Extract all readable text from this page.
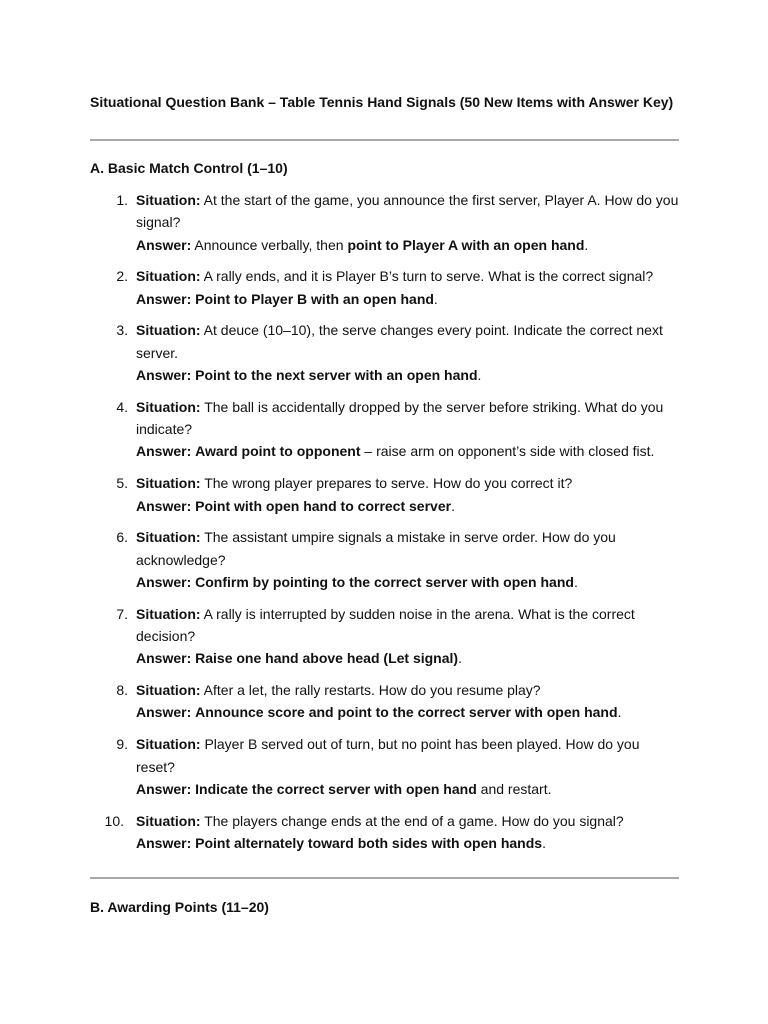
Situational Question Bank – Table Tennis Hand Signals (50 New Items with Answer Key)
A. Basic Match Control (1–10)
1. Situation: At the start of the game, you announce the first server, Player A. How do you signal?
Answer: Announce verbally, then point to Player A with an open hand.
2. Situation: A rally ends, and it is Player B’s turn to serve. What is the correct signal?
Answer: Point to Player B with an open hand.
3. Situation: At deuce (10–10), the serve changes every point. Indicate the correct next server.
Answer: Point to the next server with an open hand.
4. Situation: The ball is accidentally dropped by the server before striking. What do you indicate?
Answer: Award point to opponent – raise arm on opponent’s side with closed fist.
5. Situation: The wrong player prepares to serve. How do you correct it?
Answer: Point with open hand to correct server.
6. Situation: The assistant umpire signals a mistake in serve order. How do you acknowledge?
Answer: Confirm by pointing to the correct server with open hand.
7. Situation: A rally is interrupted by sudden noise in the arena. What is the correct decision?
Answer: Raise one hand above head (Let signal).
8. Situation: After a let, the rally restarts. How do you resume play?
Answer: Announce score and point to the correct server with open hand.
9. Situation: Player B served out of turn, but no point has been played. How do you reset?
Answer: Indicate the correct server with open hand and restart.
10. Situation: The players change ends at the end of a game. How do you signal?
Answer: Point alternately toward both sides with open hands.
B. Awarding Points (11–20)
